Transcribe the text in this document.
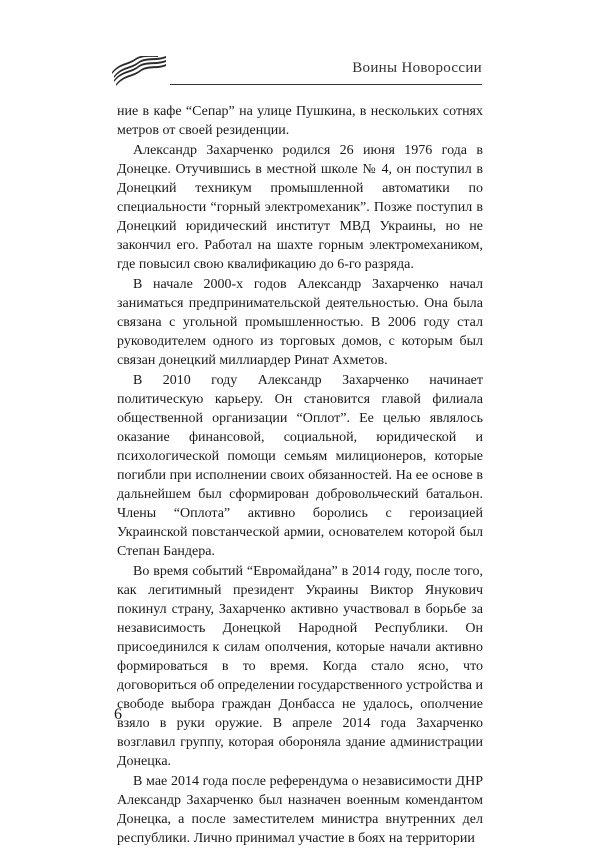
Воины Новороссии

ние в кафе “Сепар” на улице Пушкина, в нескольких сотнях метров от своей резиденции.

Александр Захарченко родился 26 июня 1976 года в Донецке. Отучившись в местной школе № 4, он поступил в Донецкий техникум промышленной автоматики по специальности “горный электромеханик”. Позже поступил в Донецкий юридический институт МВД Украины, но не закончил его. Работал на шахте горным электромехаником, где повысил свою квалификацию до 6-го разряда.

В начале 2000-х годов Александр Захарченко начал заниматься предпринимательской деятельностью. Она была связана с угольной промышленностью. В 2006 году стал руководителем одного из торговых домов, с которым был связан донецкий миллиардер Ринат Ахметов.

В 2010 году Александр Захарченко начинает политическую карьеру. Он становится главой филиала общественной организации “Оплот”. Ее целью являлось оказание финансовой, социальной, юридической и психологической помощи семьям милиционеров, которые погибли при исполнении своих обязанностей. На ее основе в дальнейшем был сформирован добровольческий батальон. Члены “Оплота” активно боролись с героизацией Украинской повстанческой армии, основателем которой был Степан Бандера.

Во время событий “Евромайдана” в 2014 году, после того, как легитимный президент Украины Виктор Янукович покинул страну, Захарченко активно участвовал в борьбе за независимость Донецкой Народной Республики. Он присоединился к силам ополчения, которые начали активно формироваться в то время. Когда стало ясно, что договориться об определении государственного устройства и свободе выбора граждан Донбасса не удалось, ополчение взяло в руки оружие. В апреле 2014 года Захарченко возглавил группу, которая обороняла здание администрации Донецка.

В мае 2014 года после референдума о независимости ДНР Александр Захарченко был назначен военным комендантом Донецка, а после заместителем министра внутренних дел республики. Лично принимал участие в боях на территории

6
